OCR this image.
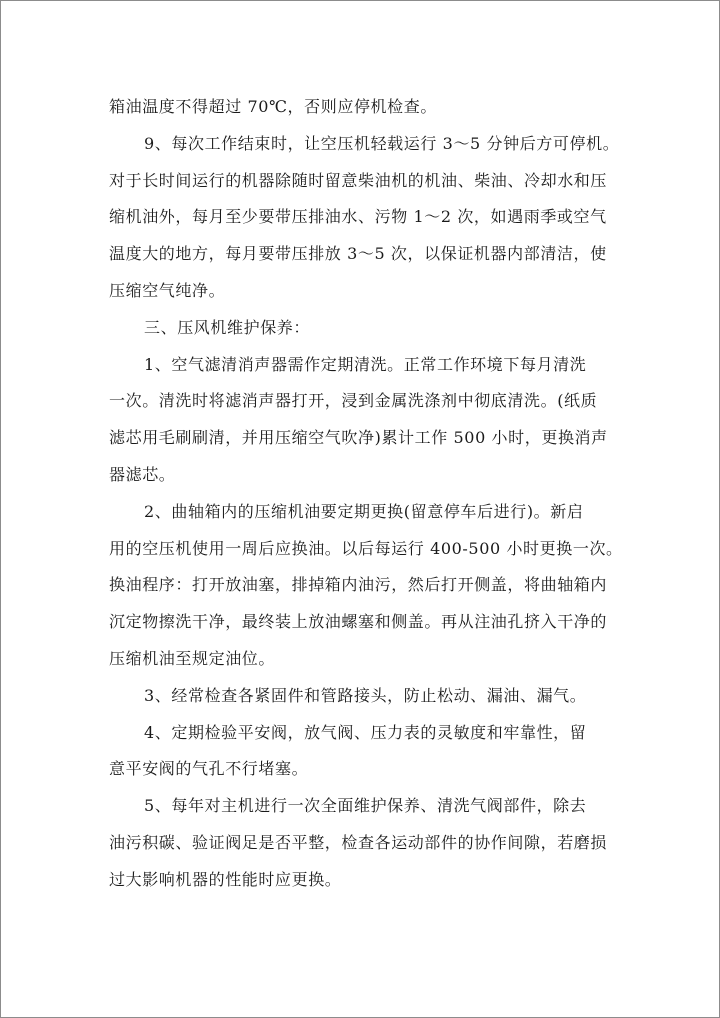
箱油温度不得超过 70℃，否则应停机检查。

9、每次工作结束时，让空压机轻载运行 3～5 分钟后方可停机。

对于长时间运行的机器除随时留意柴油机的机油、柴油、冷却水和压

缩机油外，每月至少要带压排油水、污物 1～2 次，如遇雨季或空气

温度大的地方，每月要带压排放 3～5 次，以保证机器内部清洁，使

压缩空气纯净。

三、压风机维护保养：

1、空气滤清消声器需作定期清洗。正常工作环境下每月清洗

一次。清洗时将滤消声器打开，浸到金属洗涤剂中彻底清洗。(纸质

滤芯用毛刷刷清，并用压缩空气吹净)累计工作 500 小时，更换消声

器滤芯。

2、曲轴箱内的压缩机油要定期更换(留意停车后进行)。新启

用的空压机使用一周后应换油。以后每运行 400-500 小时更换一次。

换油程序：打开放油塞，排掉箱内油污，然后打开侧盖，将曲轴箱内

沉定物擦洗干净，最终装上放油螺塞和侧盖。再从注油孔挤入干净的

压缩机油至规定油位。

3、经常检查各紧固件和管路接头，防止松动、漏油、漏气。

4、定期检验平安阀，放气阀、压力表的灵敏度和牢靠性，留

意平安阀的气孔不行堵塞。

5、每年对主机进行一次全面维护保养、清洗气阀部件，除去

油污积碳、验证阀足是否平整，检查各运动部件的协作间隙，若磨损

过大影响机器的性能时应更换。
